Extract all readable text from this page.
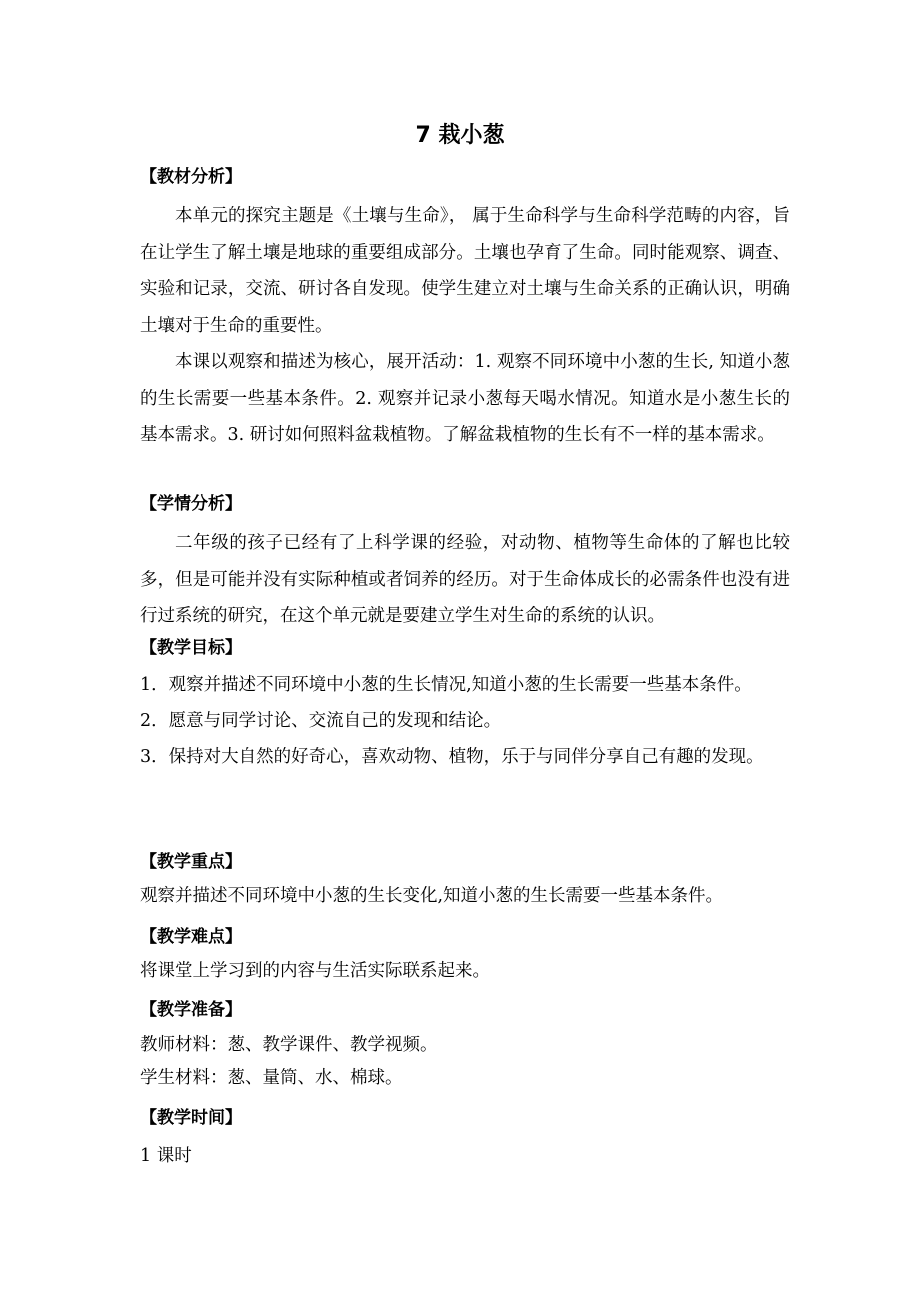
7 栽小葱
【教材分析】
本单元的探究主题是《土壤与生命》， 属于生命科学与生命科学范畴的内容，旨在让学生了解土壤是地球的重要组成部分。土壤也孕育了生命。同时能观察、调查、实验和记录，交流、研讨各自发现。使学生建立对土壤与生命关系的正确认识，明确土壤对于生命的重要性。
本课以观察和描述为核心，展开活动：1. 观察不同环境中小葱的生长, 知道小葱的生长需要一些基本条件。2. 观察并记录小葱每天喝水情况。知道水是小葱生长的基本需求。3. 研讨如何照料盆栽植物。了解盆栽植物的生长有不一样的基本需求。
【学情分析】
二年级的孩子已经有了上科学课的经验，对动物、植物等生命体的了解也比较多，但是可能并没有实际种植或者饲养的经历。对于生命体成长的必需条件也没有进行过系统的研究，在这个单元就是要建立学生对生命的系统的认识。
【教学目标】
1．观察并描述不同环境中小葱的生长情况,知道小葱的生长需要一些基本条件。
2．愿意与同学讨论、交流自己的发现和结论。
3．保持对大自然的好奇心，喜欢动物、植物，乐于与同伴分享自己有趣的发现。
【教学重点】
观察并描述不同环境中小葱的生长变化,知道小葱的生长需要一些基本条件。
【教学难点】
将课堂上学习到的内容与生活实际联系起来。
【教学准备】
教师材料：葱、教学课件、教学视频。
学生材料：葱、量筒、水、棉球。
【教学时间】
1 课时
